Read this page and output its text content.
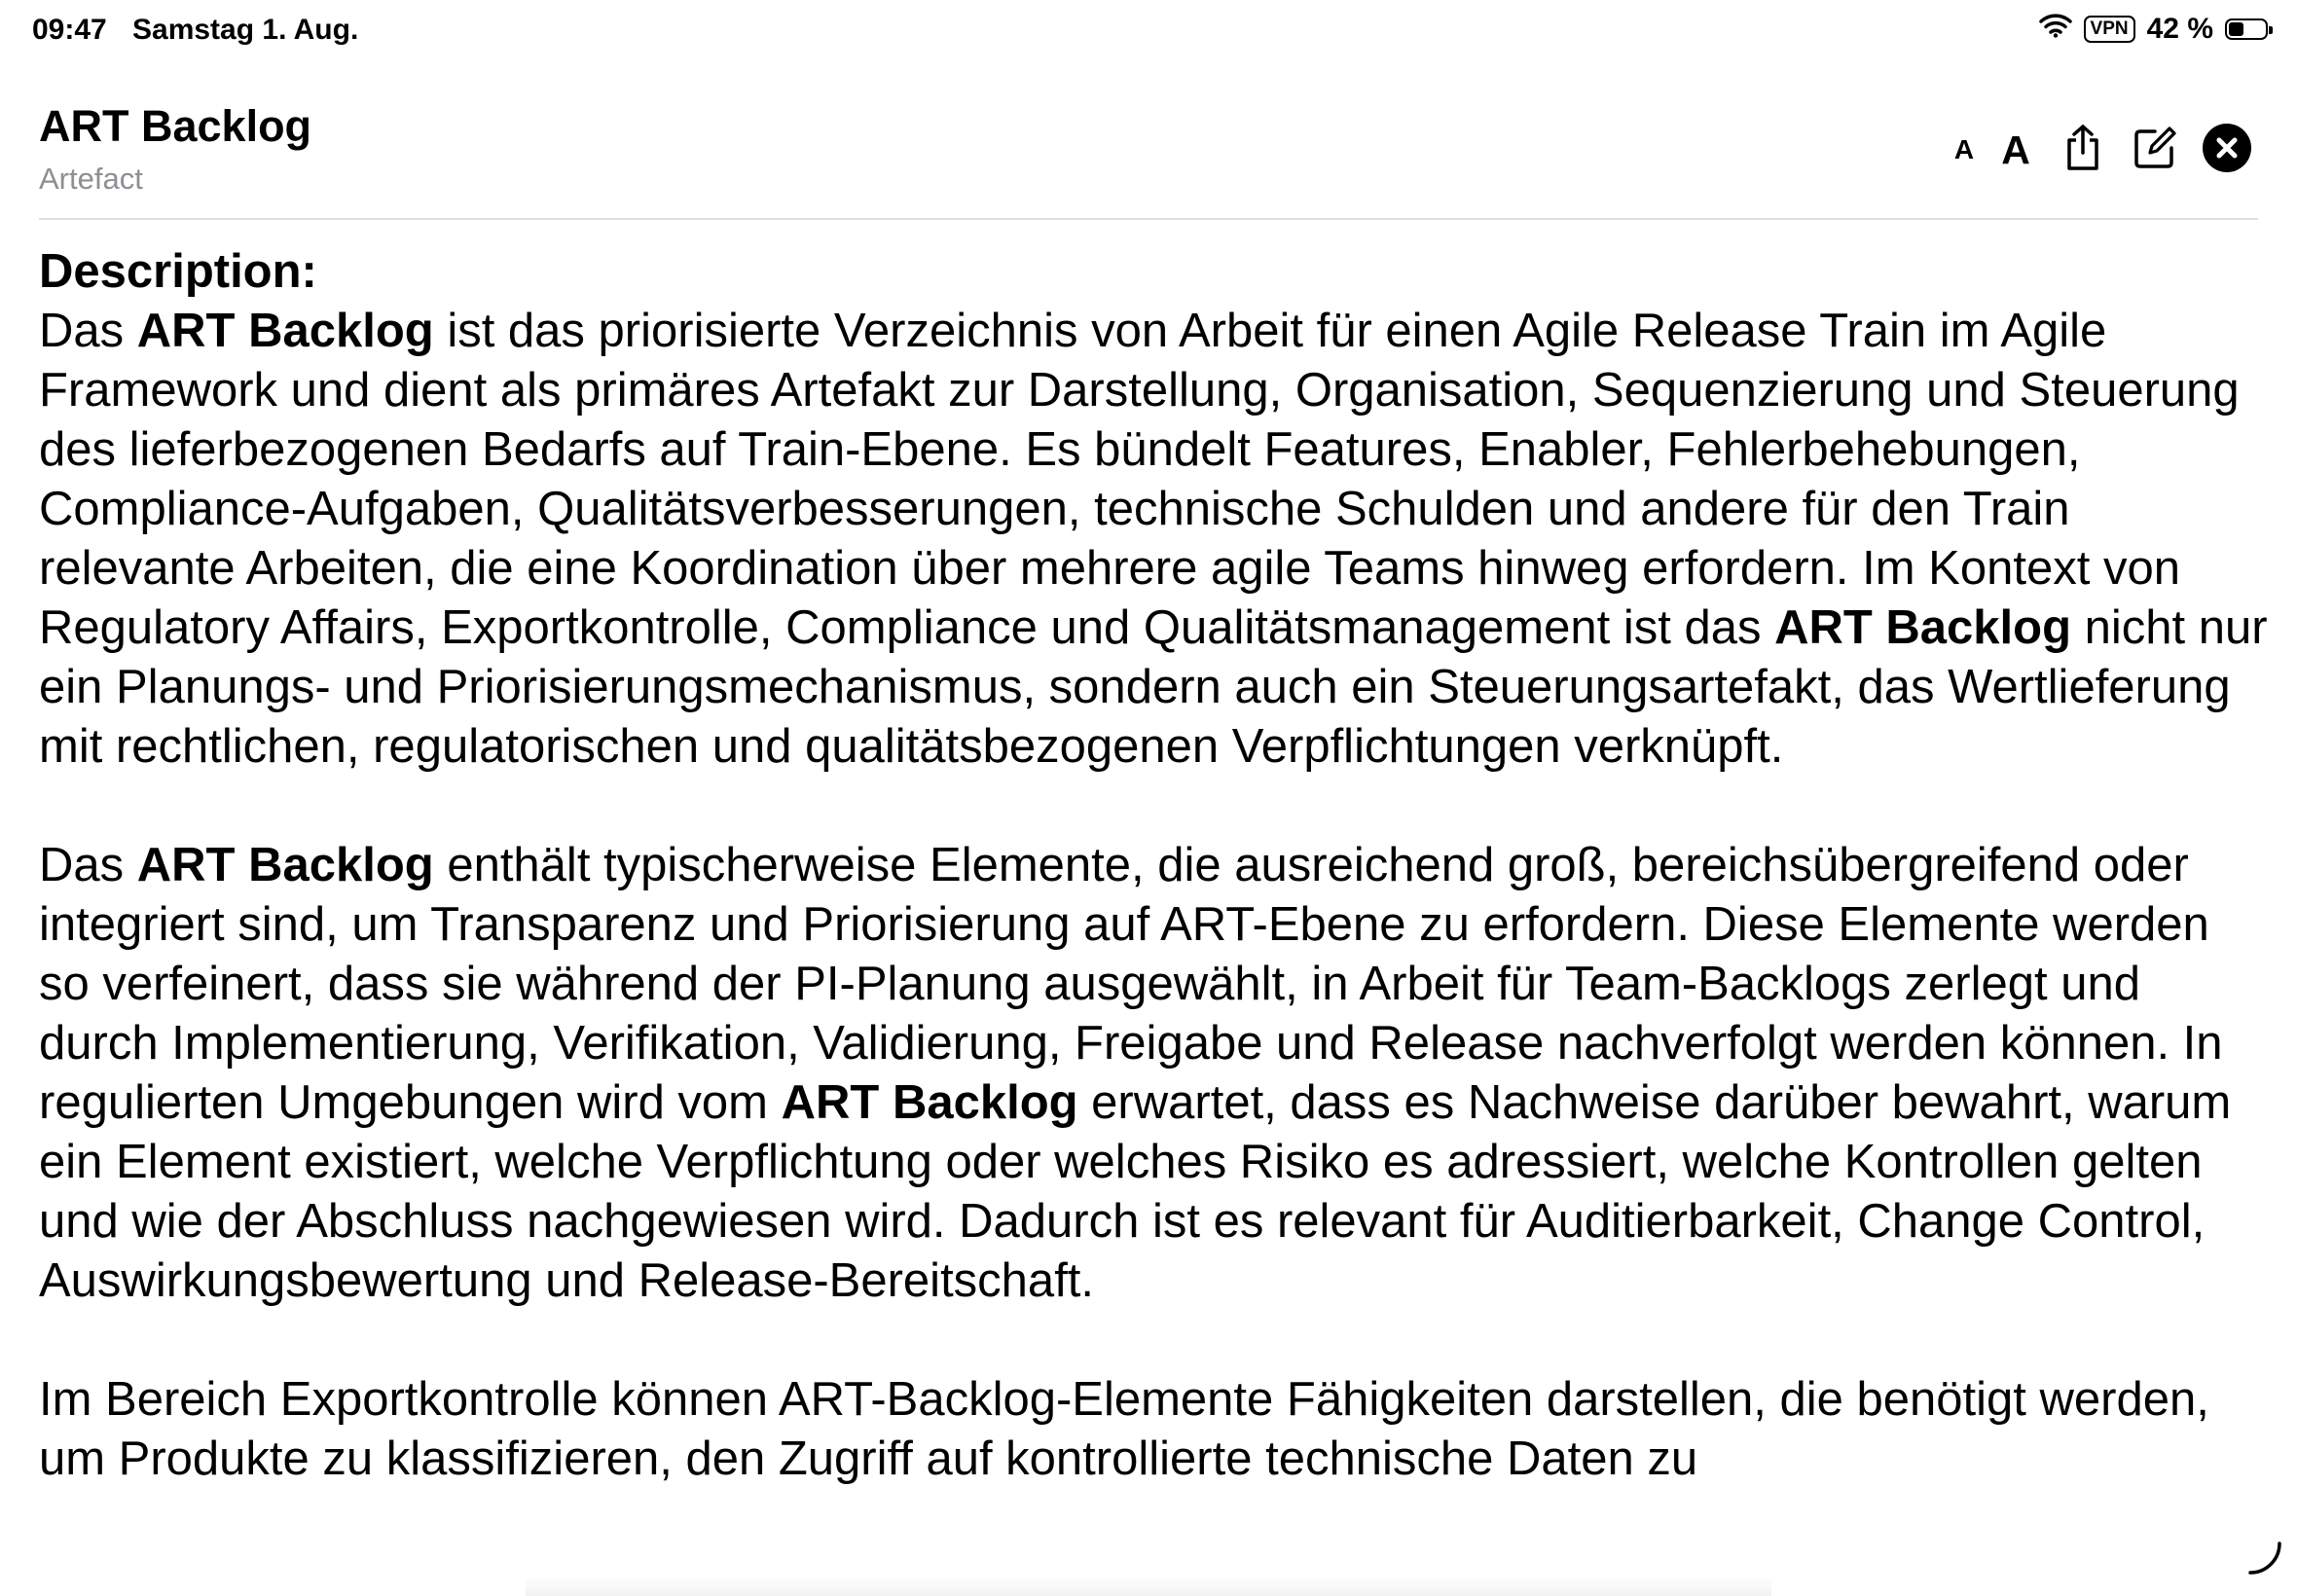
09:47 Samstag 1. Aug.	VPN 42 %
ART Backlog
Artefact
A A
Description:

Das ART Backlog ist das priorisierte Verzeichnis von Arbeit für einen Agile Release Train im Agile Framework und dient als primäres Artefakt zur Darstellung, Organisation, Sequenzierung und Steuerung des lieferbezogenen Bedarfs auf Train-Ebene. Es bündelt Features, Enabler, Fehlerbehebungen, Compliance-Aufgaben, Qualitätsverbesserungen, technische Schulden und andere für den Train relevante Arbeiten, die eine Koordination über mehrere agile Teams hinweg erfordern. Im Kontext von Regulatory Affairs, Exportkontrolle, Compliance und Qualitätsmanagement ist das ART Backlog nicht nur ein Planungs- und Priorisierungsmechanismus, sondern auch ein Steuerungsartefakt, das Wertlieferung mit rechtlichen, regulatorischen und qualitätsbezogenen Verpflichtungen verknüpft.

Das ART Backlog enthält typischerweise Elemente, die ausreichend groß, bereichsübergreifend oder integriert sind, um Transparenz und Priorisierung auf ART-Ebene zu erfordern. Diese Elemente werden so verfeinert, dass sie während der PI-Planung ausgewählt, in Arbeit für Team-Backlogs zerlegt und durch Implementierung, Verifikation, Validierung, Freigabe und Release nachverfolgt werden können. In regulierten Umgebungen wird vom ART Backlog erwartet, dass es Nachweise darüber bewahrt, warum ein Element existiert, welche Verpflichtung oder welches Risiko es adressiert, welche Kontrollen gelten und wie der Abschluss nachgewiesen wird. Dadurch ist es relevant für Auditierbarkeit, Change Control, Auswirkungsbewertung und Release-Bereitschaft.

Im Bereich Exportkontrolle können ART-Backlog-Elemente Fähigkeiten darstellen, die benötigt werden, um Produkte zu klassifizieren, den Zugriff auf kontrollierte technische Daten zu
